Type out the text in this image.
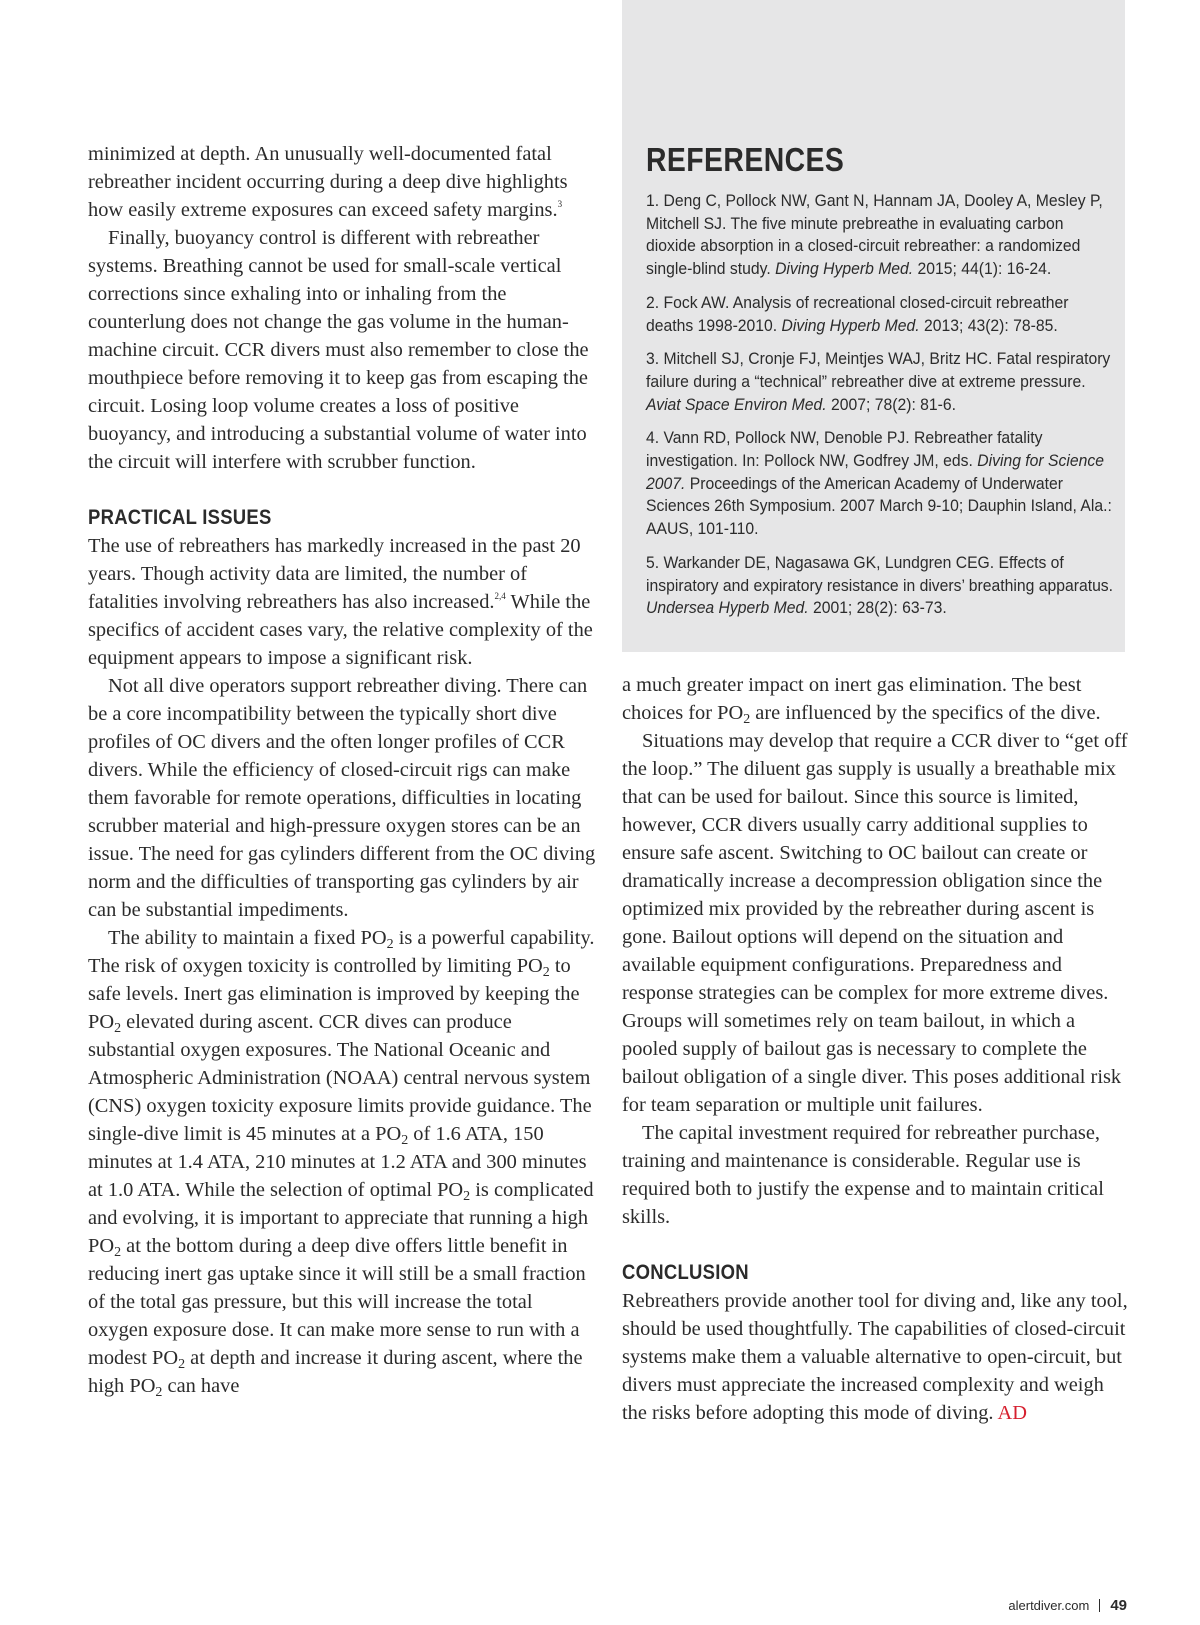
minimized at depth. An unusually well-documented fatal rebreather incident occurring during a deep dive highlights how easily extreme exposures can exceed safety margins.$^3$

Finally, buoyancy control is different with rebreather systems. Breathing cannot be used for small-scale vertical corrections since exhaling into or inhaling from the counterlung does not change the gas volume in the human-machine circuit. CCR divers must also remember to close the mouthpiece before removing it to keep gas from escaping the circuit. Losing loop volume creates a loss of positive buoyancy, and introducing a substantial volume of water into the circuit will interfere with scrubber function.

PRACTICAL ISSUES

The use of rebreathers has markedly increased in the past 20 years. Though activity data are limited, the number of fatalities involving rebreathers has also increased.$^{2,4}$ While the specifics of accident cases vary, the relative complexity of the equipment appears to impose a significant risk.

Not all dive operators support rebreather diving. There can be a core incompatibility between the typically short dive profiles of OC divers and the often longer profiles of CCR divers. While the efficiency of closed-circuit rigs can make them favorable for remote operations, difficulties in locating scrubber material and high-pressure oxygen stores can be an issue. The need for gas cylinders different from the OC diving norm and the difficulties of transporting gas cylinders by air can be substantial impediments.

The ability to maintain a fixed $PO_2$ is a powerful capability. The risk of oxygen toxicity is controlled by limiting $PO_2$ to safe levels. Inert gas elimination is improved by keeping the $PO_2$ elevated during ascent. CCR dives can produce substantial oxygen exposures. The National Oceanic and Atmospheric Administration (NOAA) central nervous system (CNS) oxygen toxicity exposure limits provide guidance. The single-dive limit is 45 minutes at a $PO_2$ of 1.6 ATA, 150 minutes at 1.4 ATA, 210 minutes at 1.2 ATA and 300 minutes at 1.0 ATA. While the selection of optimal $PO_2$ is complicated and evolving, it is important to appreciate that running a high $PO_2$ at the bottom during a deep dive offers little benefit in reducing inert gas uptake since it will still be a small fraction of the total gas pressure, but this will increase the total oxygen exposure dose. It can make more sense to run with a modest $PO_2$ at depth and increase it during ascent, where the high $PO_2$ can have

REFERENCES
1. Deng C, Pollock NW, Gant N, Hannam JA, Dooley A, Mesley P, Mitchell SJ. The five minute prebreathe in evaluating carbon dioxide absorption in a closed-circuit rebreather: a randomized single-blind study. Diving Hyperb Med. 2015; 44(1): 16-24.
2. Fock AW. Analysis of recreational closed-circuit rebreather deaths 1998-2010. Diving Hyperb Med. 2013; 43(2): 78-85.
3. Mitchell SJ, Cronje FJ, Meintjes WAJ, Britz HC. Fatal respiratory failure during a “technical” rebreather dive at extreme pressure. Aviat Space Environ Med. 2007; 78(2): 81-6.
4. Vann RD, Pollock NW, Denoble PJ. Rebreather fatality investigation. In: Pollock NW, Godfrey JM, eds. Diving for Science 2007. Proceedings of the American Academy of Underwater Sciences 26th Symposium. 2007 March 9-10; Dauphin Island, Ala.: AAUS, 101-110.
5. Warkander DE, Nagasawa GK, Lundgren CEG. Effects of inspiratory and expiratory resistance in divers’ breathing apparatus. Undersea Hyperb Med. 2001; 28(2): 63-73.

a much greater impact on inert gas elimination. The best choices for $PO_2$ are influenced by the specifics of the dive.

Situations may develop that require a CCR diver to “get off the loop.” The diluent gas supply is usually a breathable mix that can be used for bailout. Since this source is limited, however, CCR divers usually carry additional supplies to ensure safe ascent. Switching to OC bailout can create or dramatically increase a decompression obligation since the optimized mix provided by the rebreather during ascent is gone. Bailout options will depend on the situation and available equipment configurations. Preparedness and response strategies can be complex for more extreme dives. Groups will sometimes rely on team bailout, in which a pooled supply of bailout gas is necessary to complete the bailout obligation of a single diver. This poses additional risk for team separation or multiple unit failures.

The capital investment required for rebreather purchase, training and maintenance is considerable. Regular use is required both to justify the expense and to maintain critical skills.

CONCLUSION

Rebreathers provide another tool for diving and, like any tool, should be used thoughtfully. The capabilities of closed-circuit systems make them a valuable alternative to open-circuit, but divers must appreciate the increased complexity and weigh the risks before adopting this mode of diving. AD

alertdiver.com 49
